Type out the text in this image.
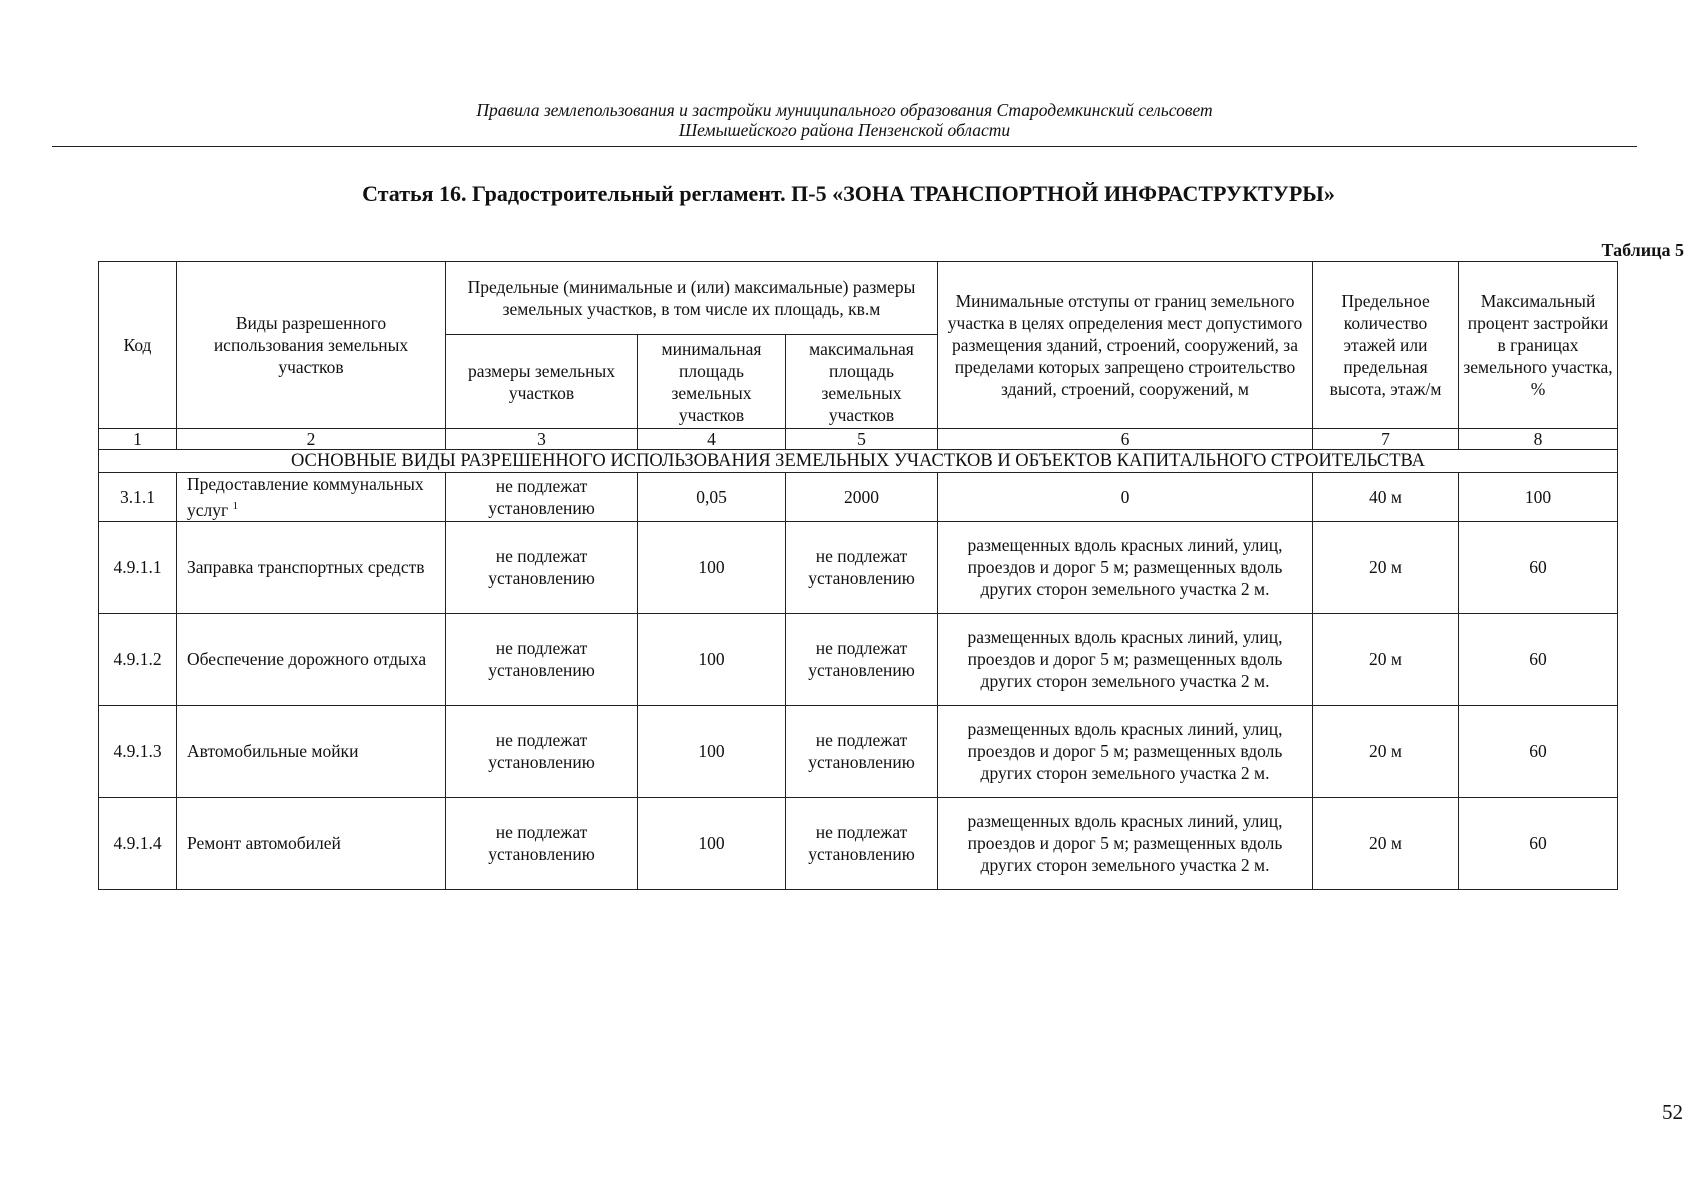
Правила землепользования и застройки муниципального образования Стародемкинский сельсовет
Шемышейского района Пензенской области
Статья 16. Градостроительный регламент. П-5 «ЗОНА ТРАНСПОРТНОЙ ИНФРАСТРУКТУРЫ»
Таблица 5
Код	Виды разрешенного использования земельных участков	Предельные (минимальные и (или) максимальные) размеры земельных участков, в том числе их площадь, кв.м			Минимальные отступы от границ земельного участка в целях определения мест допустимого размещения зданий, строений, сооружений, за пределами которых запрещено строительство зданий, строений, сооружений, м	Предельное количество этажей или предельная высота, этаж/м	Максимальный процент застройки в границах земельного участка, %
		размеры земельных участков	минимальная площадь земельных участков	максимальная площадь земельных участков			
1	2	3	4	5	6	7	8
ОСНОВНЫЕ ВИДЫ РАЗРЕШЕННОГО ИСПОЛЬЗОВАНИЯ ЗЕМЕЛЬНЫХ УЧАСТКОВ И ОБЪЕКТОВ КАПИТАЛЬНОГО СТРОИТЕЛЬСТВА							
3.1.1	Предоставление коммунальных услуг $^1$	не подлежат установлению	0,05	2000	0	40 м	100
4.9.1.1	Заправка транспортных средств	не подлежат установлению	100	не подлежат установлению	размещенных вдоль красных линий, улиц, проездов и дорог 5 м; размещенных вдоль других сторон земельного участка 2 м.	20 м	60
4.9.1.2	Обеспечение дорожного отдыха	не подлежат установлению	100	не подлежат установлению	размещенных вдоль красных линий, улиц, проездов и дорог 5 м; размещенных вдоль других сторон земельного участка 2 м.	20 м	60
4.9.1.3	Автомобильные мойки	не подлежат установлению	100	не подлежат установлению	размещенных вдоль красных линий, улиц, проездов и дорог 5 м; размещенных вдоль других сторон земельного участка 2 м.	20 м	60
4.9.1.4	Ремонт автомобилей	не подлежат установлению	100	не подлежат установлению	размещенных вдоль красных линий, улиц, проездов и дорог 5 м; размещенных вдоль других сторон земельного участка 2 м.	20 м	60
52
